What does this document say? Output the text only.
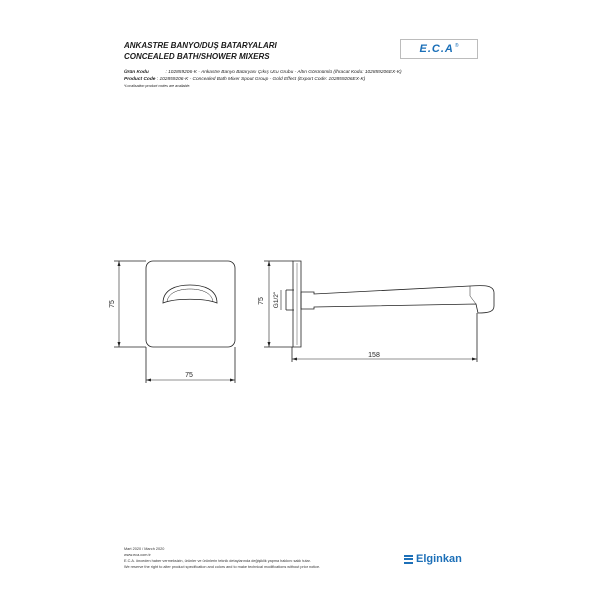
ANKASTRE BANYO/DUŞ BATARYALARI
CONCEALED BATH/SHOWER MIXERS
E.C.A ®
Ürün Kodu	: 102859206-K - Ankastre Banyo Bataryası Çıkış Ucu Grubu - Altın Görünümlü (İhracat Kodu: 102859206EX-K)
Product Code : 102859206-K - Concealed Bath Mixer Spout Group - Gold Effect (Export Code: 102859206EX-K)
*Localisation product codes are available.
75
75	75 G1/2"
158
Mart 2020 / March 2020
www.eca.com.tr
E.C.A. önceden haber vermeksizin, ürünler ve ürünlerin teknik detaylarında değişiklik yapma hakkını saklı tutar.
We reserve the right to alter product specification and colors and to make technical modifications without prior notice.
Elginkan
